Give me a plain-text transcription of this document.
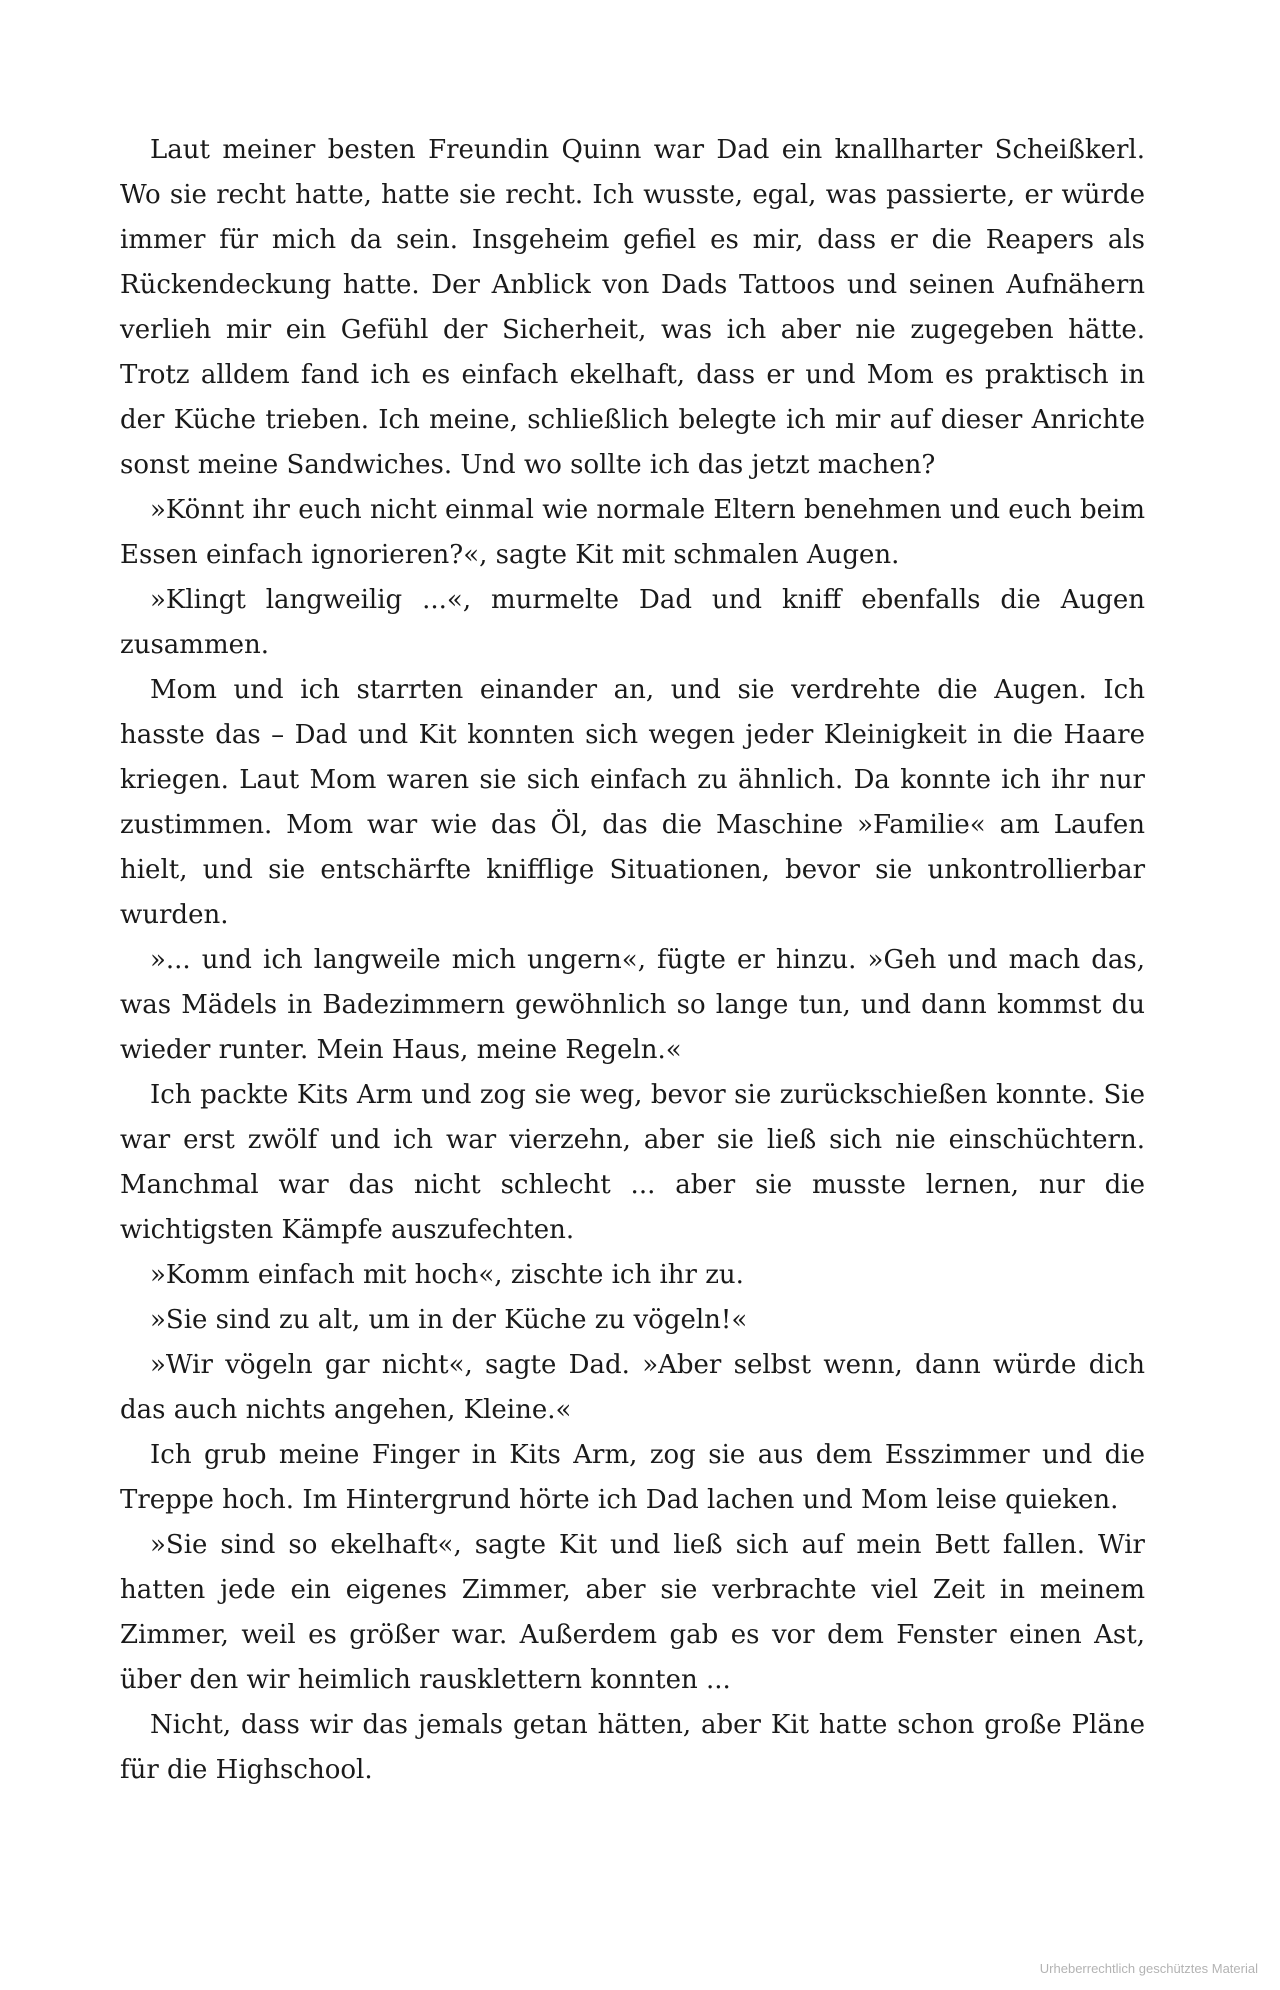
Laut meiner besten Freundin Quinn war Dad ein knallharter Scheißkerl. Wo sie recht hatte, hatte sie recht. Ich wusste, egal, was passierte, er würde immer für mich da sein. Insgeheim gefiel es mir, dass er die Reapers als Rückendeckung hatte. Der Anblick von Dads Tattoos und seinen Aufnähern verlieh mir ein Gefühl der Sicherheit, was ich aber nie zugegeben hätte. Trotz alldem fand ich es einfach ekelhaft, dass er und Mom es praktisch in der Küche trieben. Ich meine, schließlich belegte ich mir auf dieser Anrichte sonst meine Sandwiches. Und wo sollte ich das jetzt machen?

»Könnt ihr euch nicht einmal wie normale Eltern benehmen und euch beim Essen einfach ignorieren?«, sagte Kit mit schmalen Augen.

»Klingt langweilig ...«, murmelte Dad und kniff ebenfalls die Augen zusammen.

Mom und ich starrten einander an, und sie verdrehte die Augen. Ich hasste das – Dad und Kit konnten sich wegen jeder Kleinigkeit in die Haare kriegen. Laut Mom waren sie sich einfach zu ähnlich. Da konnte ich ihr nur zustimmen. Mom war wie das Öl, das die Maschine »Familie« am Laufen hielt, und sie entschärfte knifflige Situationen, bevor sie unkontrollierbar wurden.

»... und ich langweile mich ungern«, fügte er hinzu. »Geh und mach das, was Mädels in Badezimmern gewöhnlich so lange tun, und dann kommst du wieder runter. Mein Haus, meine Regeln.«

Ich packte Kits Arm und zog sie weg, bevor sie zurückschießen konnte. Sie war erst zwölf und ich war vierzehn, aber sie ließ sich nie einschüchtern. Manchmal war das nicht schlecht ... aber sie musste lernen, nur die wichtigsten Kämpfe auszufechten.

»Komm einfach mit hoch«, zischte ich ihr zu.

»Sie sind zu alt, um in der Küche zu vögeln!«

»Wir vögeln gar nicht«, sagte Dad. »Aber selbst wenn, dann würde dich das auch nichts angehen, Kleine.«

Ich grub meine Finger in Kits Arm, zog sie aus dem Esszimmer und die Treppe hoch. Im Hintergrund hörte ich Dad lachen und Mom leise quieken.

»Sie sind so ekelhaft«, sagte Kit und ließ sich auf mein Bett fallen. Wir hatten jede ein eigenes Zimmer, aber sie verbrachte viel Zeit in meinem Zimmer, weil es größer war. Außerdem gab es vor dem Fenster einen Ast, über den wir heimlich rausklettern konnten ...

Nicht, dass wir das jemals getan hätten, aber Kit hatte schon große Pläne für die Highschool.

Urheberrechtlich geschütztes Material
